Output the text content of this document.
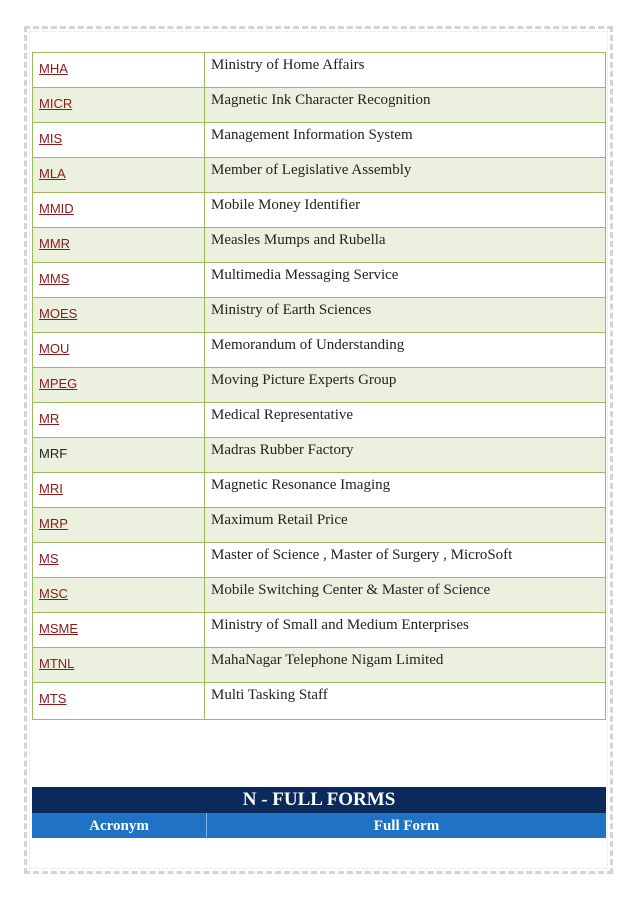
MHA	Ministry of Home Affairs
MICR	Magnetic Ink Character Recognition
MIS	Management Information System
MLA	Member of Legislative Assembly
MMID	Mobile Money Identifier
MMR	Measles Mumps and Rubella
MMS	Multimedia Messaging Service
MOES	Ministry of Earth Sciences
MOU	Memorandum of Understanding
MPEG	Moving Picture Experts Group
MR	Medical Representative
MRF	Madras Rubber Factory
MRI	Magnetic Resonance Imaging
MRP	Maximum Retail Price
MS	Master of Science , Master of Surgery , MicroSoft
MSC	Mobile Switching Center & Master of Science
MSME	Ministry of Small and Medium Enterprises
MTNL	MahaNagar Telephone Nigam Limited
MTS	Multi Tasking Staff
N - FULL FORMS
Acronym	Full Form
